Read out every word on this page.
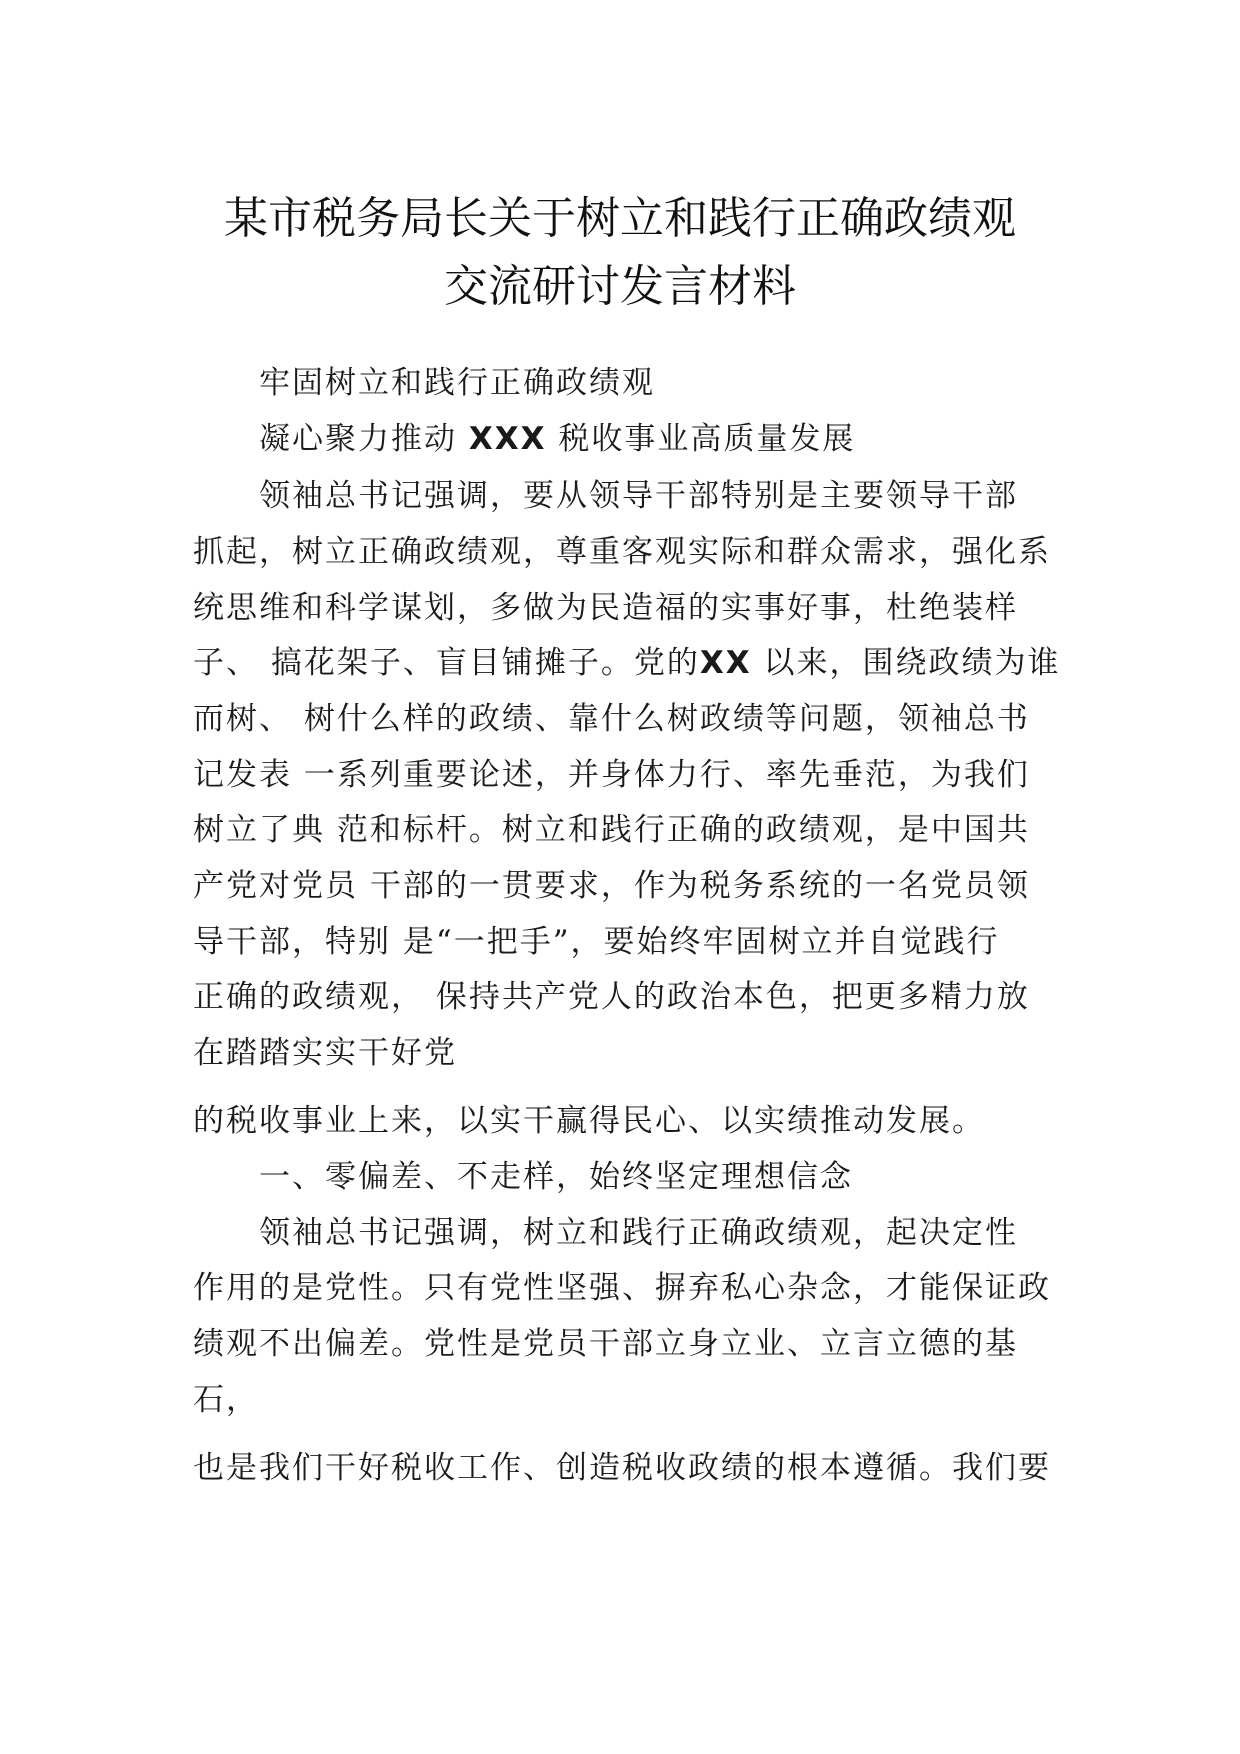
某市税务局长关于树立和践行正确政绩观
交流研讨发言材料

牢固树立和践行正确政绩观

凝心聚力推动 XXX 税收事业高质量发展

领袖总书记强调，要从领导干部特别是主要领导干部

抓起，树立正确政绩观，尊重客观实际和群众需求，强化系

统思维和科学谋划，多做为民造福的实事好事，杜绝装样

子、 搞花架子、盲目铺摊子。党的XX 以来，围绕政绩为谁

而树、 树什么样的政绩、靠什么树政绩等问题，领袖总书

记发表 一系列重要论述，并身体力行、率先垂范，为我们

树立了典 范和标杆。树立和践行正确的政绩观，是中国共

产党对党员 干部的一贯要求，作为税务系统的一名党员领

导干部，特别 是“一把手”，要始终牢固树立并自觉践行

正确的政绩观， 保持共产党人的政治本色，把更多精力放

在踏踏实实干好党

的税收事业上来，以实干赢得民心、以实绩推动发展。

一、零偏差、不走样，始终坚定理想信念

领袖总书记强调，树立和践行正确政绩观，起决定性

作用的是党性。只有党性坚强、摒弃私心杂念，才能保证政

绩观不出偏差。党性是党员干部立身立业、立言立德的基

石，

也是我们干好税收工作、创造税收政绩的根本遵循。我们要
